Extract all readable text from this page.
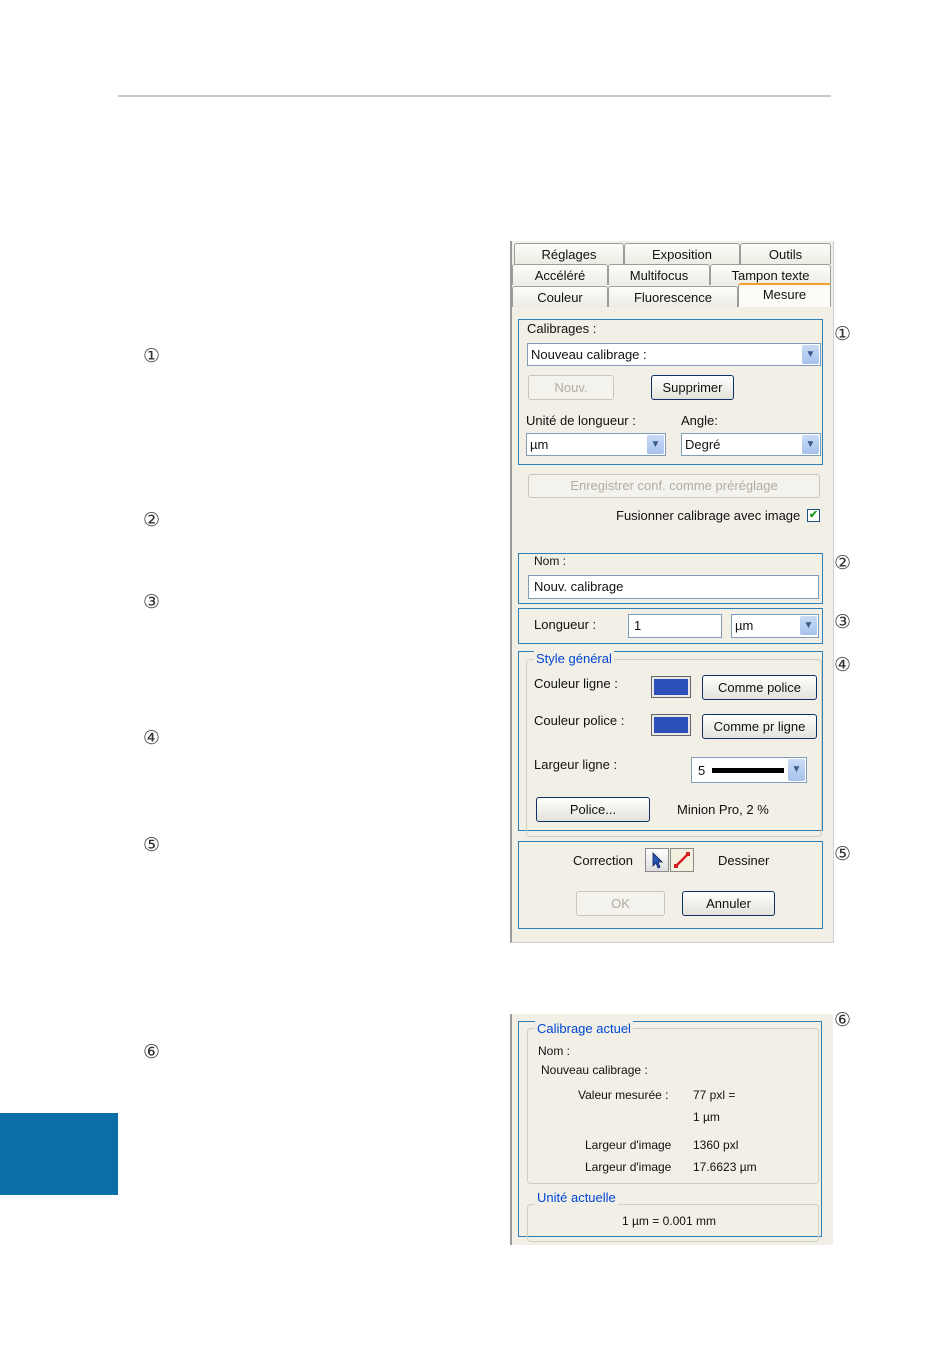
①
②
③
④
⑤
⑥
①
②
③
④
⑤
⑥
Réglages	Exposition	Outils
Accéléré	Multifocus	Tampon texte
Couleur	Fluorescence	Mesure
Calibrages :
Nouveau calibrage :	▼
Nouv.	Supprimer
Unité de longueur :	Angle:
µm	▼	Degré	▼
Enregistrer conf. comme préréglage
Fusionner calibrage avec image ✔
Nom :
Nouv. calibrage
Longueur :	1	µm	▼
Style général
Couleur ligne :	Comme police
Couleur police :	Comme pr ligne
Largeur ligne :	5	▼
Police...	Minion Pro, 2 %
Correction	Dessiner
OK	Annuler
Calibrage actuel
Nom :
Nouveau calibrage :
Valeur mesurée : 77 pxl =
1 µm
Largeur d'image 1360 pxl
Largeur d'image 17.6623 µm
Unité actuelle
1 µm = 0.001 mm
